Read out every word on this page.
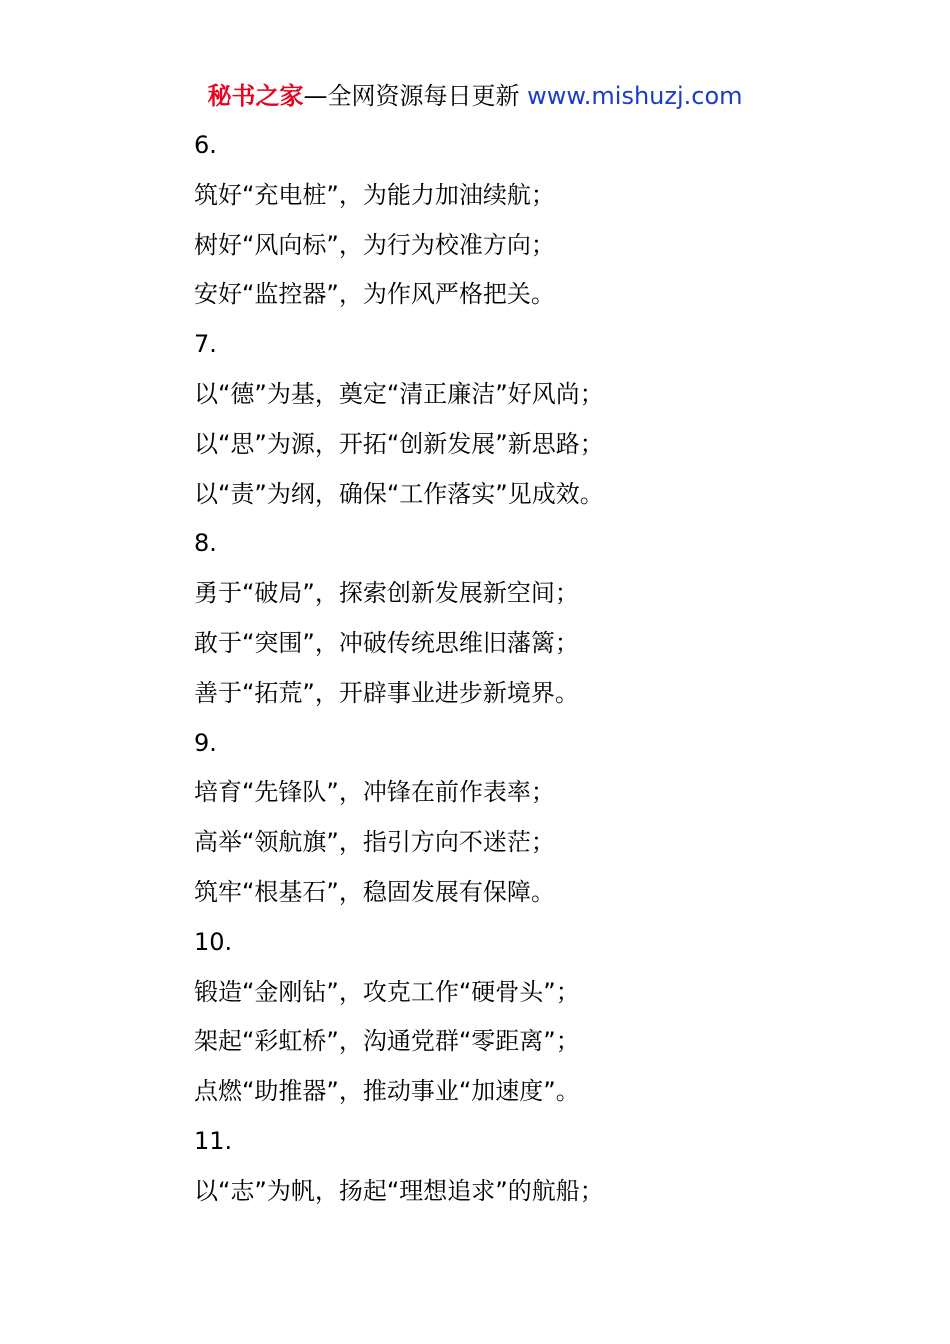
秘书之家—全网资源每日更新 www.mishuzj.com
6.
筑好“充电桩”，为能力加油续航；
树好“风向标”，为行为校准方向；
安好“监控器”，为作风严格把关。
7.
以“德”为基，奠定“清正廉洁”好风尚；
以“思”为源，开拓“创新发展”新思路；
以“责”为纲，确保“工作落实”见成效。
8.
勇于“破局”，探索创新发展新空间；
敢于“突围”，冲破传统思维旧藩篱；
善于“拓荒”，开辟事业进步新境界。
9.
培育“先锋队”，冲锋在前作表率；
高举“领航旗”，指引方向不迷茫；
筑牢“根基石”，稳固发展有保障。
10.
锻造“金刚钻”，攻克工作“硬骨头”；
架起“彩虹桥”，沟通党群“零距离”；
点燃“助推器”，推动事业“加速度”。
11.
以“志”为帆，扬起“理想追求”的航船；
